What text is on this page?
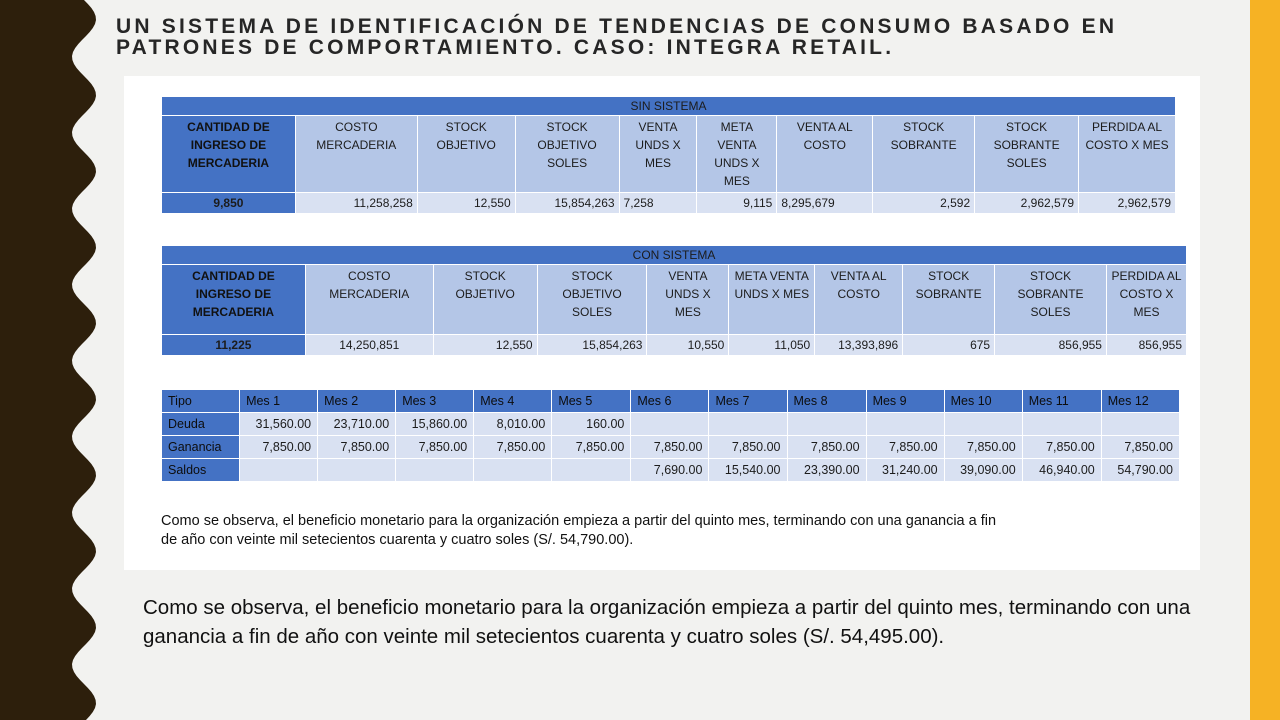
UN SISTEMA DE IDENTIFICACIÓN DE TENDENCIAS DE CONSUMO BASADO EN PATRONES DE COMPORTAMIENTO. CASO: INTEGRA RETAIL.
SIN SISTEMA									
CANTIDAD DE INGRESO DE MERCADERIA	COSTO MERCADERIA	STOCK OBJETIVO	STOCK OBJETIVO SOLES	VENTA UNDS X MES	META VENTA UNDS X MES	VENTA AL COSTO	STOCK SOBRANTE	STOCK SOBRANTE SOLES	PERDIDA AL COSTO X MES
9,850	11,258,258	12,550	15,854,263	7,258	9,115	8,295,679	2,592	2,962,579	2,962,579
CON SISTEMA									
CANTIDAD DE INGRESO DE MERCADERIA	COSTO MERCADERIA	STOCK OBJETIVO	STOCK OBJETIVO SOLES	VENTA UNDS X MES	META VENTA UNDS X MES	VENTA AL COSTO	STOCK SOBRANTE	STOCK SOBRANTE SOLES	PERDIDA AL COSTO X MES
11,225	14,250,851	12,550	15,854,263	10,550	11,050	13,393,896	675	856,955	856,955
Tipo	Mes 1	Mes 2	Mes 3	Mes 4	Mes 5	Mes 6	Mes 7	Mes 8	Mes 9	Mes 10	Mes 11	Mes 12
Deuda	31,560.00	23,710.00	15,860.00	8,010.00	160.00							
Ganancia	7,850.00	7,850.00	7,850.00	7,850.00	7,850.00	7,850.00	7,850.00	7,850.00	7,850.00	7,850.00	7,850.00	7,850.00
Saldos						7,690.00	15,540.00	23,390.00	31,240.00	39,090.00	46,940.00	54,790.00

Como se observa, el beneficio monetario para la organización empieza a partir del quinto mes, terminando con una ganancia a fin
de año con veinte mil setecientos cuarenta y cuatro soles (S/. 54,790.00).

Como se observa, el beneficio monetario para la organización empieza a partir del quinto mes, terminando con una ganancia a fin de año con veinte mil setecientos cuarenta y cuatro soles (S/. 54,495.00).
